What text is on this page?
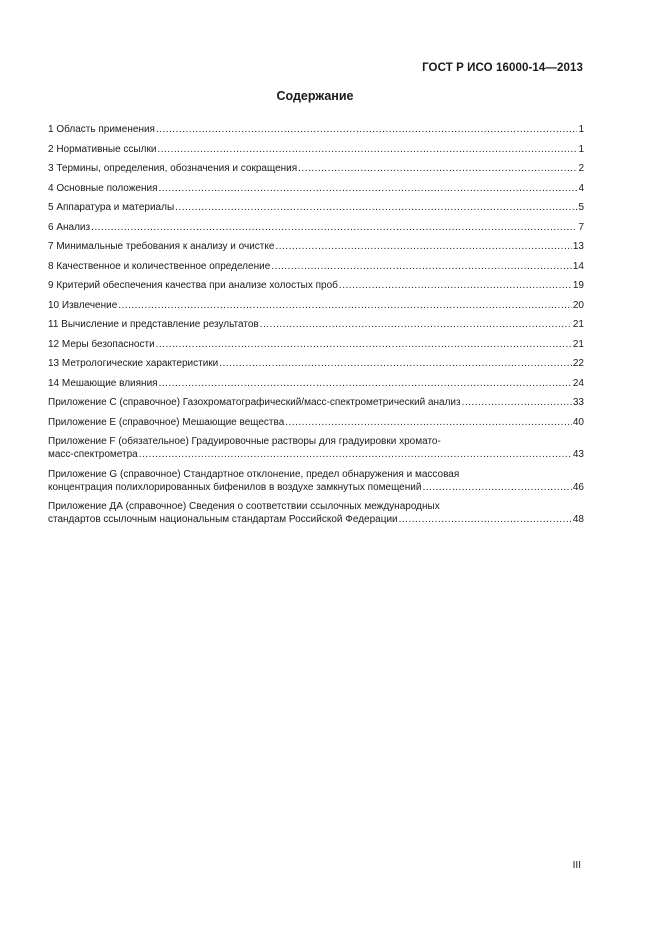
ГОСТ Р ИСО 16000-14—2013
Содержание
1 Область применения .....	1
2 Нормативные ссылки .....	1
3 Термины, определения, обозначения и сокращения .....	2
4 Основные положения .....	4
5 Аппаратура и материалы .....	5
6 Анализ .....	7
7 Минимальные требования к анализу и очистке .....	13
8 Качественное и количественное определение .....	14
9 Критерий обеспечения качества при анализе холостых проб .....	19
10 Извлечение .....	20
11 Вычисление и представление результатов .....	21
12 Меры безопасности .....	21
13 Метрологические характеристики .....	22
14 Мешающие влияния .....	24
Приложение С (справочное) Газохроматографический/масс-спектрометрический анализ .....	33
Приложение Е (справочное) Мешающие вещества .....	40
Приложение F (обязательное) Градуировочные растворы для градуировки хромато-
масс-спектрометра .....	43
Приложение G (справочное) Стандартное отклонение, предел обнаружения и массовая
концентрация полихлорированных бифенилов в воздухе замкнутых помещений .....	46
Приложение ДА (справочное) Сведения о соответствии ссылочных международных
стандартов ссылочным национальным стандартам Российской Федерации .....	48
III
